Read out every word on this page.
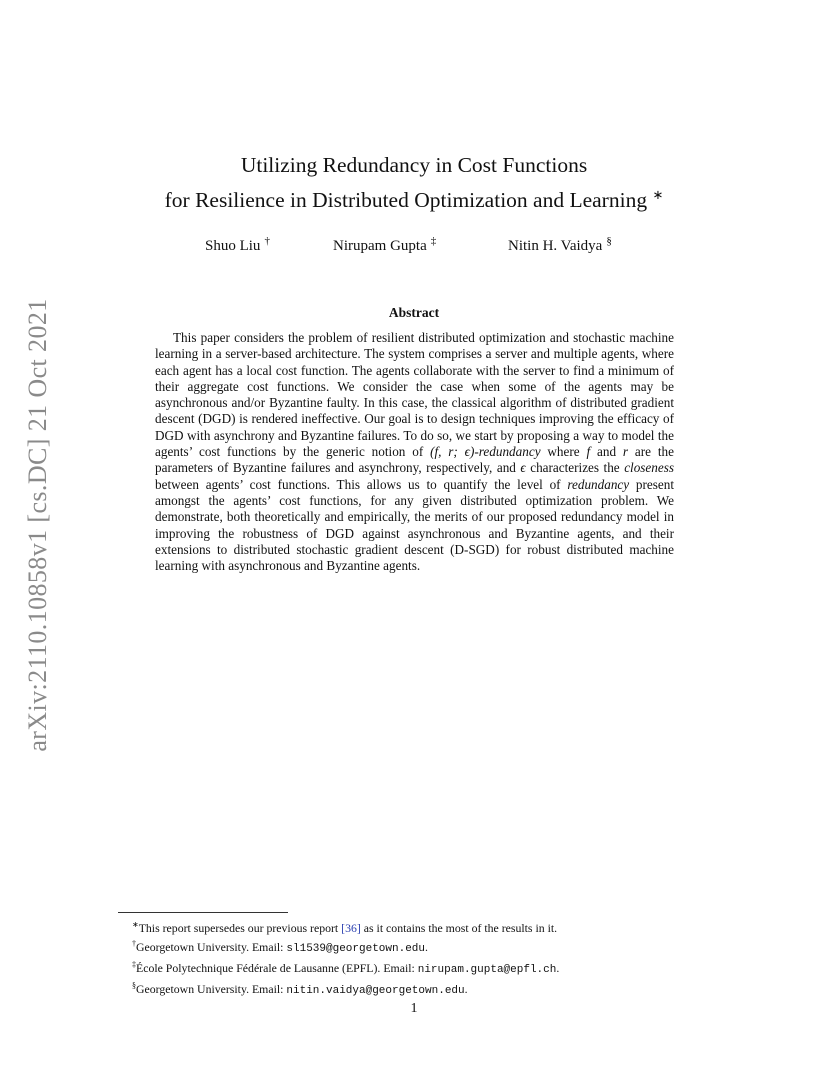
arXiv:2110.10858v1 [cs.DC] 21 Oct 2021
Utilizing Redundancy in Cost Functions
for Resilience in Distributed Optimization and Learning ∗
Shuo Liu †	Nirupam Gupta ‡	Nitin H. Vaidya §
Abstract

This paper considers the problem of resilient distributed optimization and stochastic machine learning in a server-based architecture. The system comprises a server and multiple agents, where each agent has a local cost function. The agents collaborate with the server to find a minimum of their aggregate cost functions. We consider the case when some of the agents may be asynchronous and/or Byzantine faulty. In this case, the classical algorithm of distributed gradient descent (DGD) is rendered ineffective. Our goal is to design techniques improving the efficacy of DGD with asynchrony and Byzantine failures. To do so, we start by proposing a way to model the agents’ cost functions by the generic notion of (f, r; ϵ)-redundancy where f and r are the parameters of Byzantine failures and asynchrony, respectively, and ϵ characterizes the closeness between agents’ cost functions. This allows us to quantify the level of redundancy present amongst the agents’ cost functions, for any given distributed optimization problem. We demonstrate, both theoretically and empirically, the merits of our proposed redundancy model in improving the robustness of DGD against asynchronous and Byzantine agents, and their extensions to distributed stochastic gradient descent (D-SGD) for robust distributed machine learning with asynchronous and Byzantine agents.

∗This report supersedes our previous report [36] as it contains the most of the results in it.
†Georgetown University. Email: sl1539@georgetown.edu.
‡École Polytechnique Fédérale de Lausanne (EPFL). Email: nirupam.gupta@epfl.ch.
§Georgetown University. Email: nitin.vaidya@georgetown.edu.
1
